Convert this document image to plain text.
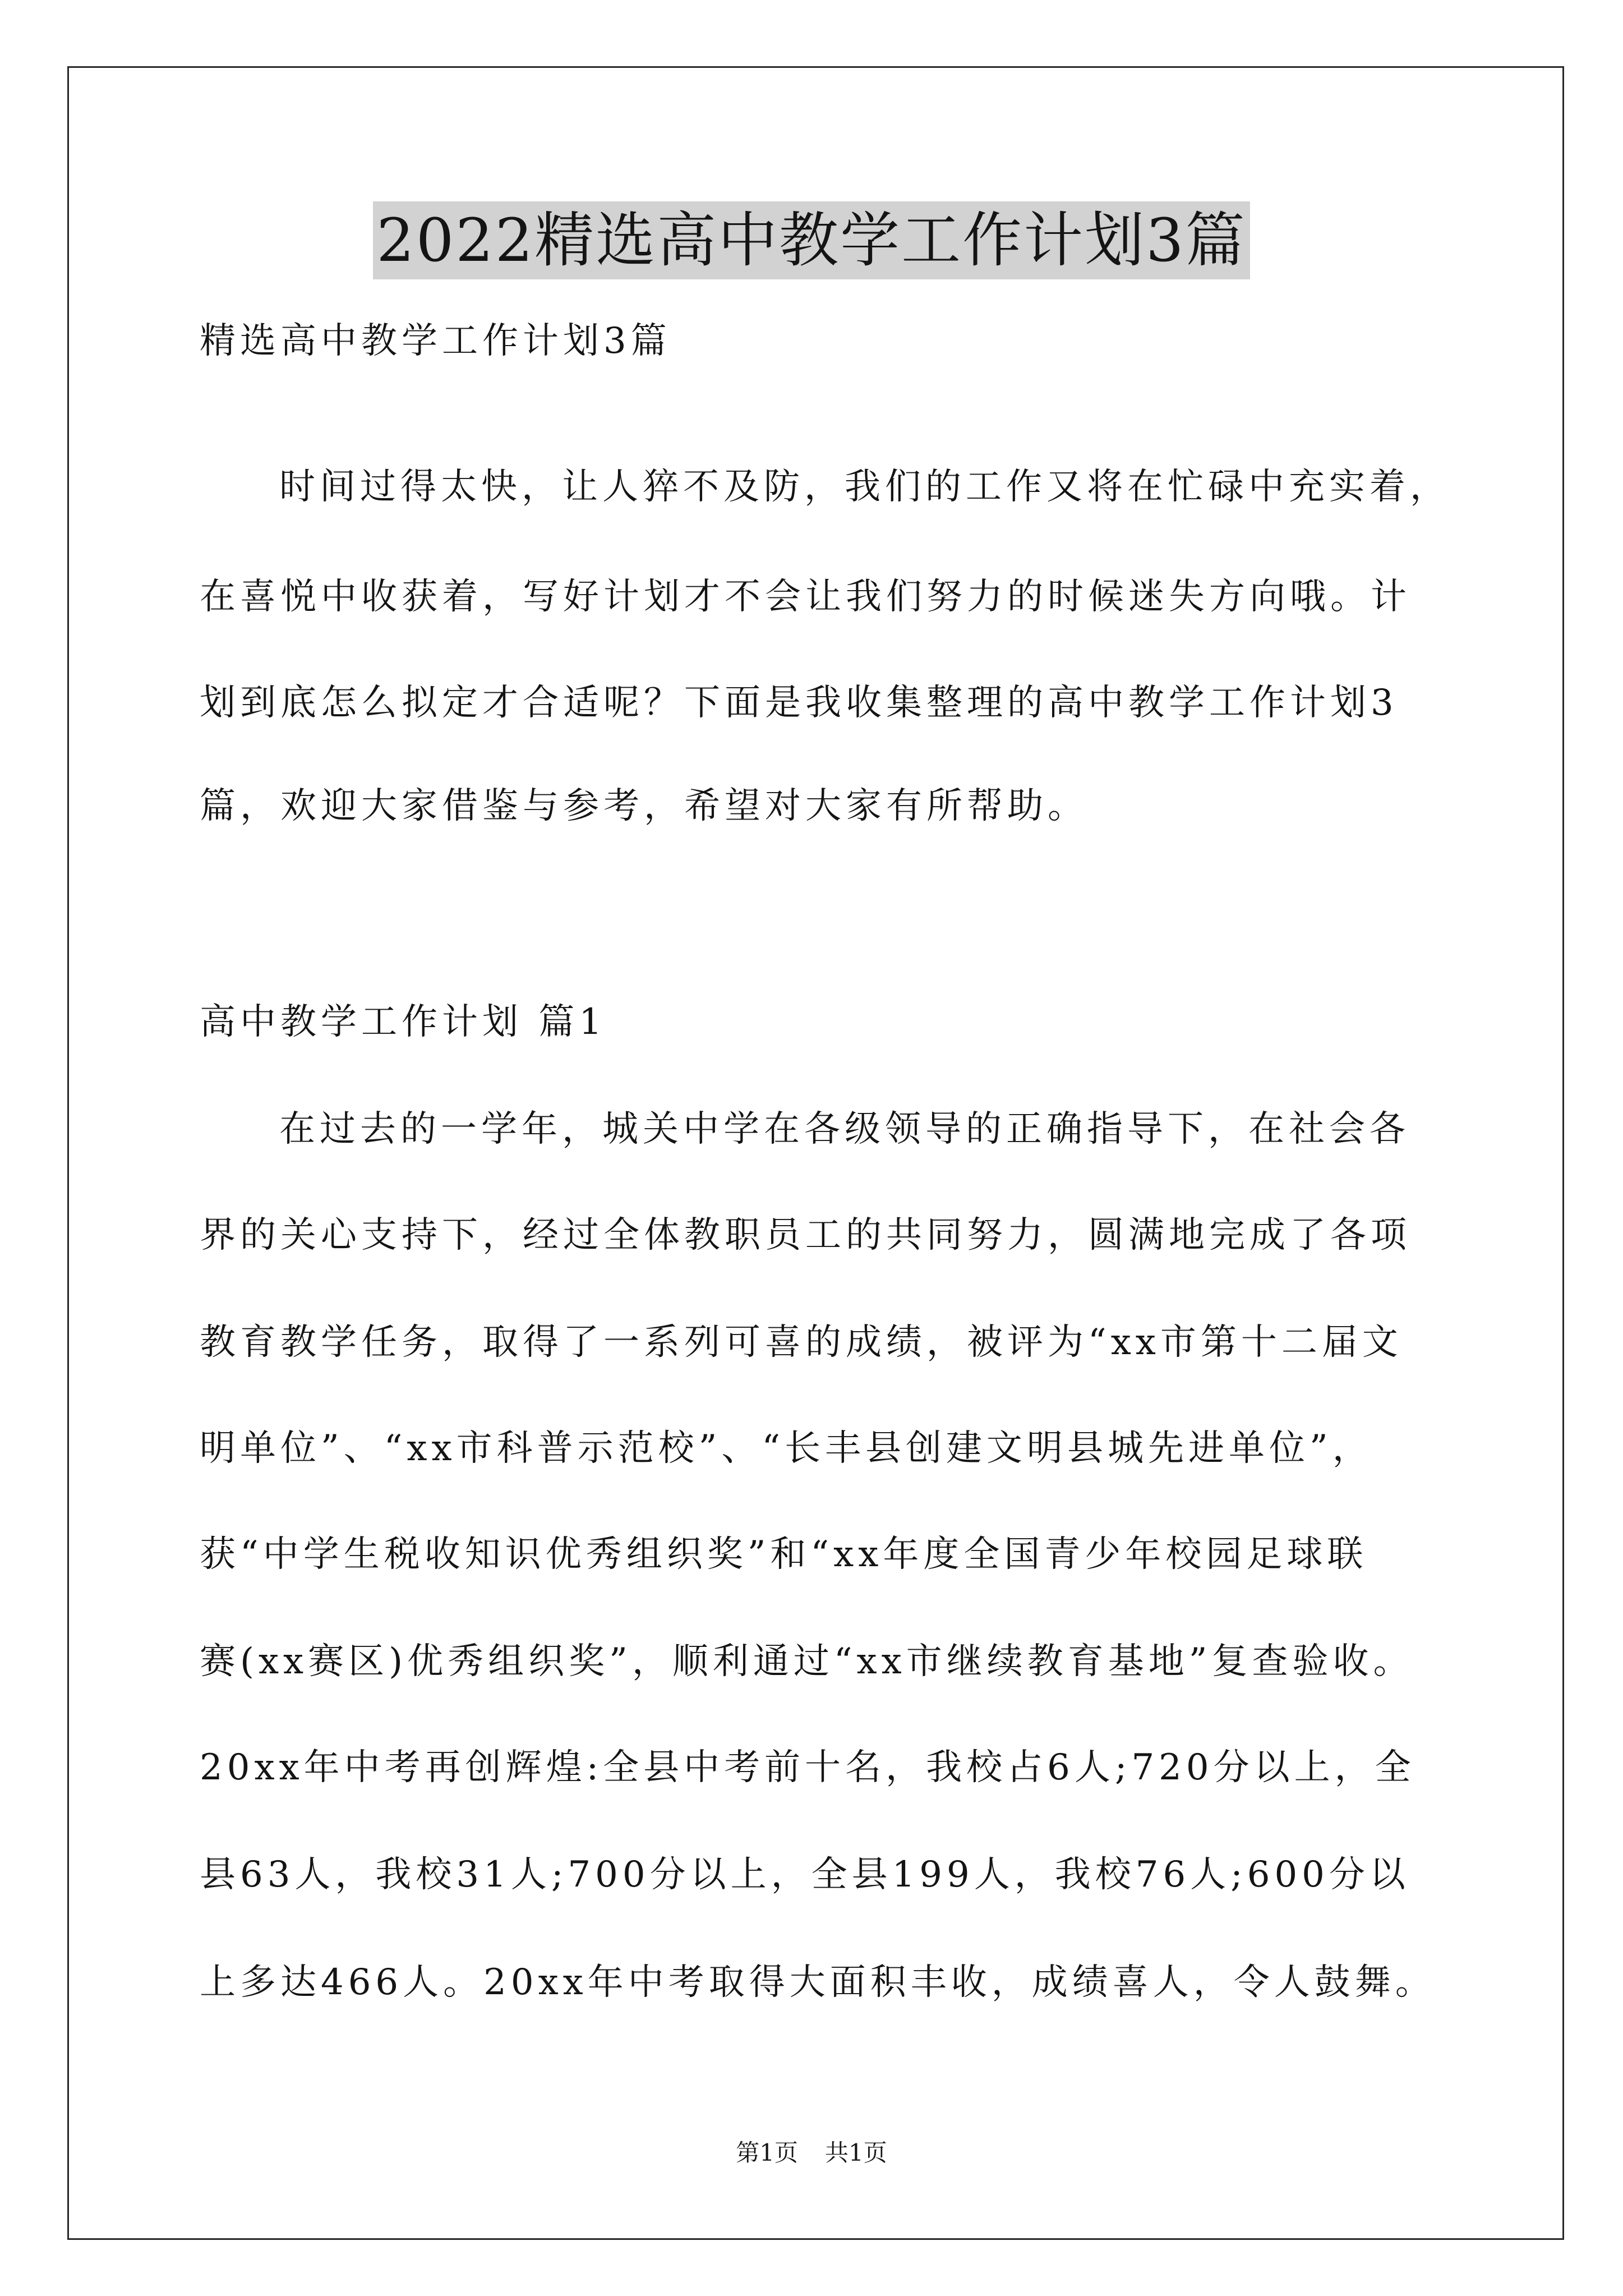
2022精选高中教学工作计划3篇
精选高中教学工作计划3篇
时间过得太快，让人猝不及防，我们的工作又将在忙碌中充实着，
在喜悦中收获着，写好计划才不会让我们努力的时候迷失方向哦。计
划到底怎么拟定才合适呢？下面是我收集整理的高中教学工作计划3
篇，欢迎大家借鉴与参考，希望对大家有所帮助。
高中教学工作计划 篇1
在过去的一学年，城关中学在各级领导的正确指导下，在社会各
界的关心支持下，经过全体教职员工的共同努力，圆满地完成了各项
教育教学任务，取得了一系列可喜的成绩，被评为“xx市第十二届文
明单位”、“xx市科普示范校”、“长丰县创建文明县城先进单位”，
获“中学生税收知识优秀组织奖”和“xx年度全国青少年校园足球联
赛(xx赛区)优秀组织奖”，顺利通过“xx市继续教育基地”复查验收。
20xx年中考再创辉煌:全县中考前十名，我校占6人;720分以上，全
县63人，我校31人;700分以上，全县199人，我校76人;600分以
上多达466人。20xx年中考取得大面积丰收，成绩喜人，令人鼓舞。
第1页 共1页
